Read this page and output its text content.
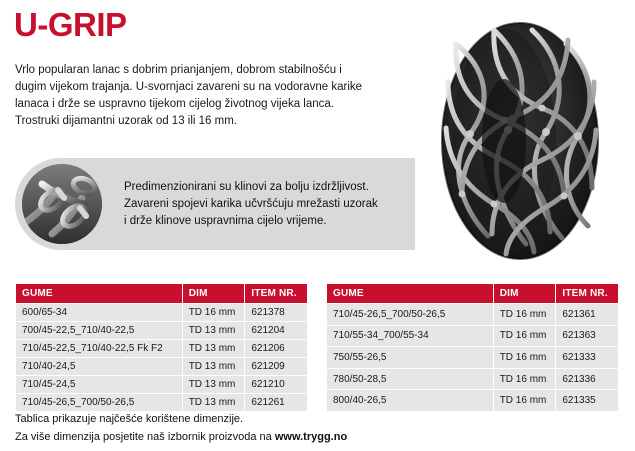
U-GRIP

Vrlo popularan lanac s dobrim prianjanjem, dobrom stabilnošću i

dugim vijekom trajanja. U-svornjaci zavareni su na vodoravne karike

lanaca i drže se uspravno tijekom cijelog životnog vijeka lanca.

Trostruki dijamantni uzorak od 13 ili 16 mm.

Predimenzionirani su klinovi za bolju izdržljivost.

Zavareni spojevi karika učvršćuju mrežasti uzorak

i drže klinove uspravnima cijelo vrijeme.

GUME	DIM	ITEM NR.
600/65-34	TD 16 mm	621378
700/45-22,5_710/40-22,5	TD 13 mm	621204
710/45-22,5_710/40-22,5 Fk F2	TD 13 mm	621206
710/40-24,5	TD 13 mm	621209
710/45-24,5	TD 13 mm	621210
710/45-26,5_700/50-26,5	TD 13 mm	621261
GUME	DIM	ITEM NR.
710/45-26,5_700/50-26,5	TD 16 mm	621361
710/55-34_700/55-34	TD 16 mm	621363
750/55-26,5	TD 16 mm	621333
780/50-28,5	TD 16 mm	621336
800/40-26,5	TD 16 mm	621335
Tablica prikazuje najčešće korištene dimenzije.
Za više dimenzija posjetite naš izbornik proizvoda na www.trygg.no
